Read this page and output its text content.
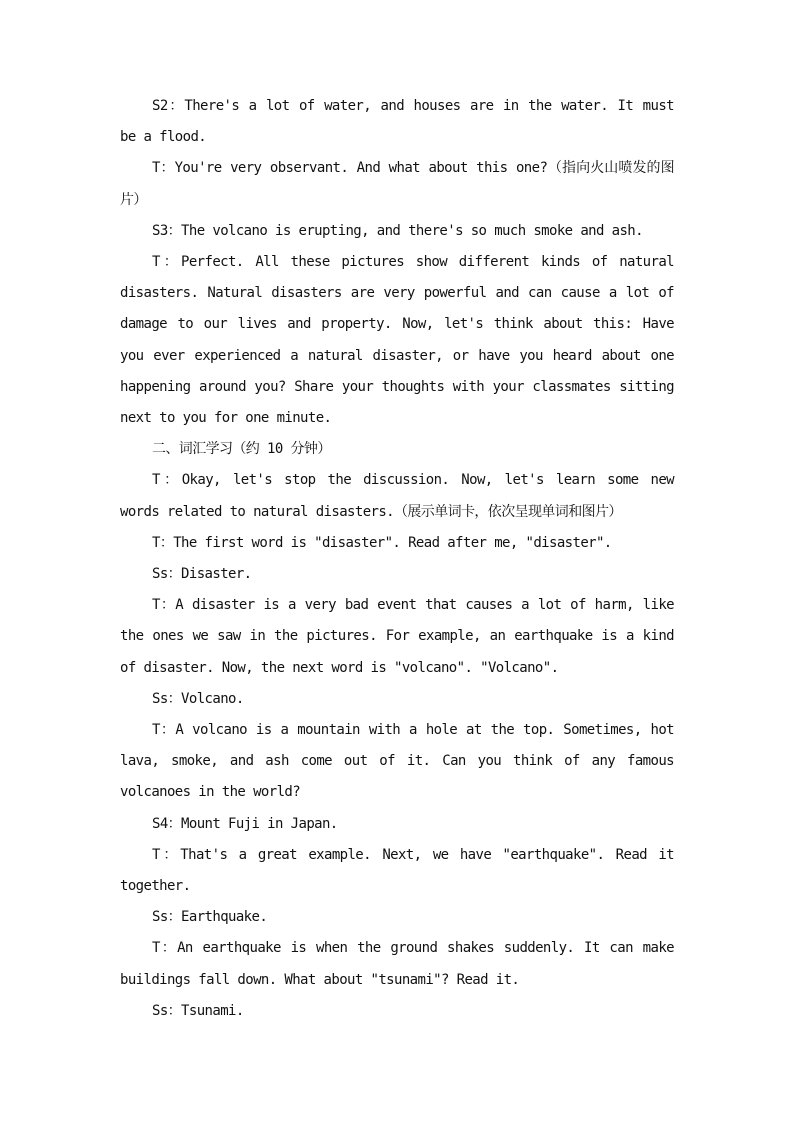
S2：There's a lot of water, and houses are in the water. It must be a flood.

T：You're very observant. And what about this one?（指向火山喷发的图片）

S3：The volcano is erupting, and there's so much smoke and ash.

T：Perfect. All these pictures show different kinds of natural disasters. Natural disasters are very powerful and can cause a lot of damage to our lives and property. Now, let's think about this: Have you ever experienced a natural disaster, or have you heard about one happening around you? Share your thoughts with your classmates sitting next to you for one minute.

二、词汇学习（约 10 分钟）

T：Okay, let's stop the discussion. Now, let's learn some new words related to natural disasters.（展示单词卡，依次呈现单词和图片）

T：The first word is "disaster". Read after me, "disaster".

Ss：Disaster.

T：A disaster is a very bad event that causes a lot of harm, like the ones we saw in the pictures. For example, an earthquake is a kind of disaster. Now, the next word is "volcano". "Volcano".

Ss：Volcano.

T：A volcano is a mountain with a hole at the top. Sometimes, hot lava, smoke, and ash come out of it. Can you think of any famous volcanoes in the world?

S4：Mount Fuji in Japan.

T：That's a great example. Next, we have "earthquake". Read it together.

Ss：Earthquake.

T：An earthquake is when the ground shakes suddenly. It can make buildings fall down. What about "tsunami"? Read it.

Ss：Tsunami.
